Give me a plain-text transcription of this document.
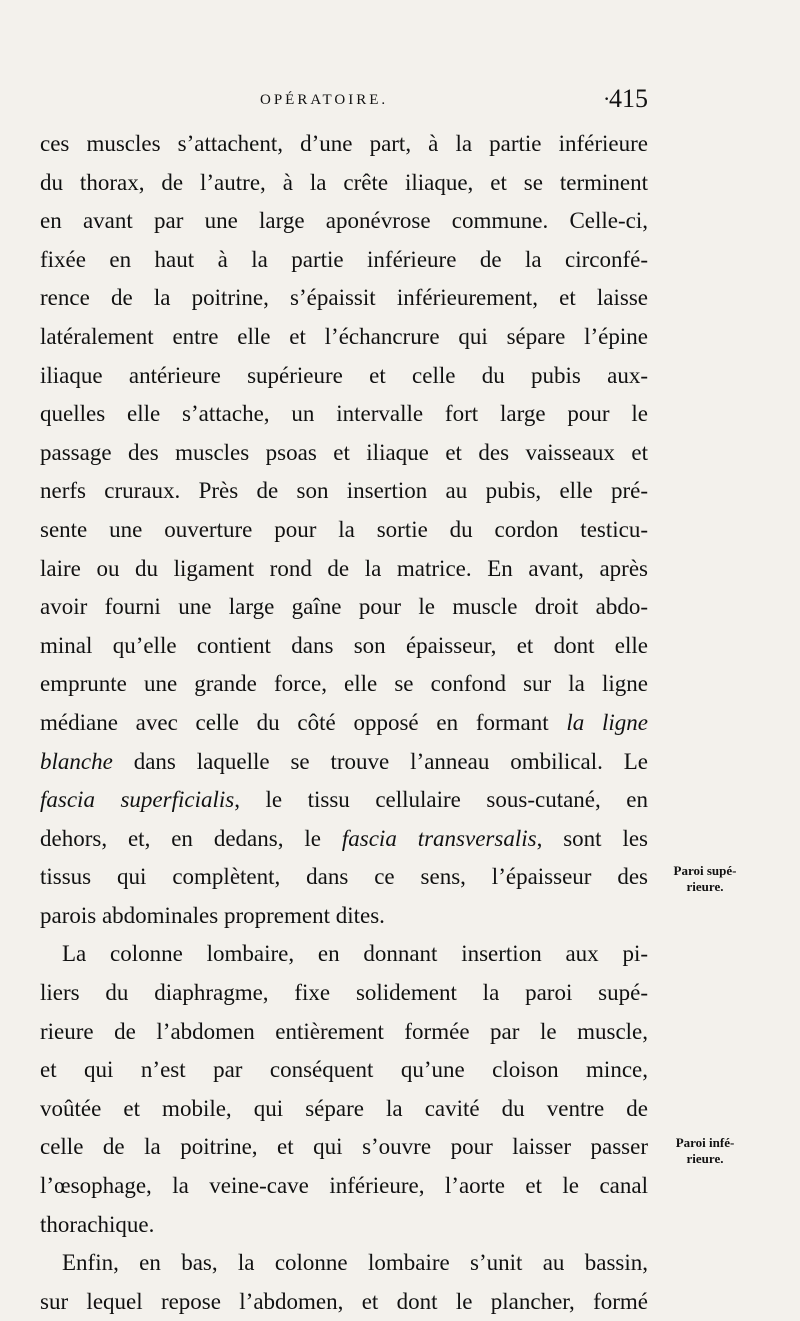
OPÉRATOIRE.	·
415
ces muscles s’attachent, d’une part, à la partie inférieure
du thorax, de l’autre, à la crête iliaque, et se terminent
en avant par une large aponévrose commune. Celle-ci,
fixée en haut à la partie inférieure de la circonfé-
rence de la poitrine, s’épaissit inférieurement, et laisse
latéralement entre elle et l’échancrure qui sépare l’épine
iliaque antérieure supérieure et celle du pubis aux-
quelles elle s’attache, un intervalle fort large pour le
passage des muscles psoas et iliaque et des vaisseaux et
nerfs cruraux. Près de son insertion au pubis, elle pré-
sente une ouverture pour la sortie du cordon testicu-
laire ou du ligament rond de la matrice. En avant, après
avoir fourni une large gaîne pour le muscle droit abdo-
minal qu’elle contient dans son épaisseur, et dont elle
emprunte une grande force, elle se confond sur la ligne
médiane avec celle du côté opposé en formant la ligne
blanche dans laquelle se trouve l’anneau ombilical. Le
fascia superficialis, le tissu cellulaire sous-cutané, en
dehors, et, en dedans, le fascia transversalis, sont les
tissus qui complètent, dans ce sens, l’épaisseur des
parois abdominales proprement dites.
La colonne lombaire, en donnant insertion aux pi-
liers du diaphragme, fixe solidement la paroi supé-
rieure de l’abdomen entièrement formée par le muscle,
et qui n’est par conséquent qu’une cloison mince,
voûtée et mobile, qui sépare la cavité du ventre de
celle de la poitrine, et qui s’ouvre pour laisser passer
l’œsophage, la veine-cave inférieure, l’aorte et le canal
thorachique.
Enfin, en bas, la colonne lombaire s’unit au bassin,
sur lequel repose l’abdomen, et dont le plancher, formé
Paroi supé-
rieure.
Paroi infé-
rieure.
